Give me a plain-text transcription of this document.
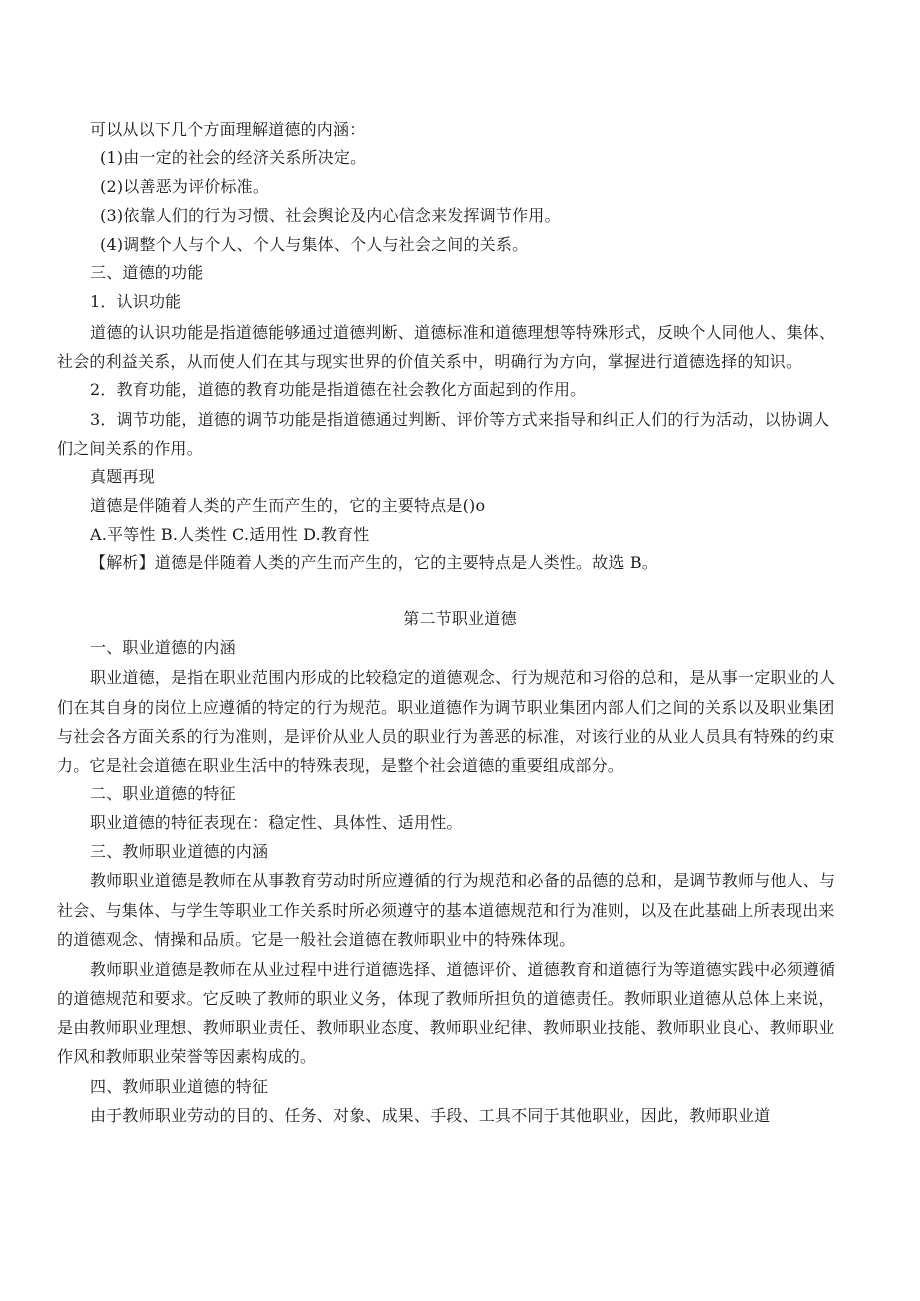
可以从以下几个方面理解道德的内涵：
(1)由一定的社会的经济关系所决定。
(2)以善恶为评价标准。
(3)依靠人们的行为习惯、社会舆论及内心信念来发挥调节作用。
(4)调整个人与个人、个人与集体、个人与社会之间的关系。
三、道德的功能
1．认识功能
道德的认识功能是指道德能够通过道德判断、道德标准和道德理想等特殊形式，反映个人同他人、集体、
社会的利益关系，从而使人们在其与现实世界的价值关系中，明确行为方向，掌握进行道德选择的知识。
2．教育功能，道德的教育功能是指道德在社会教化方面起到的作用。
3．调节功能，道德的调节功能是指道德通过判断、评价等方式来指导和纠正人们的行为活动，以协调人
们之间关系的作用。
真题再现
道德是伴随着人类的产生而产生的，它的主要特点是()o
A.平等性 B.人类性 C.适用性 D.教育性
【解析】道德是伴随着人类的产生而产生的，它的主要特点是人类性。故选 B。
第二节职业道德
一、职业道德的内涵
职业道德，是指在职业范围内形成的比较稳定的道德观念、行为规范和习俗的总和，是从事一定职业的人
们在其自身的岗位上应遵循的特定的行为规范。职业道德作为调节职业集团内部人们之间的关系以及职业集团
与社会各方面关系的行为准则，是评价从业人员的职业行为善恶的标准，对该行业的从业人员具有特殊的约束
力。它是社会道德在职业生活中的特殊表现，是整个社会道德的重要组成部分。
二、职业道德的特征
职业道德的特征表现在：稳定性、具体性、适用性。
三、教师职业道德的内涵
教师职业道德是教师在从事教育劳动时所应遵循的行为规范和必备的品德的总和，是调节教师与他人、与
社会、与集体、与学生等职业工作关系时所必须遵守的基本道德规范和行为准则，以及在此基础上所表现出来
的道德观念、情操和品质。它是一般社会道德在教师职业中的特殊体现。
教师职业道德是教师在从业过程中进行道德选择、道德评价、道德教育和道德行为等道德实践中必须遵循
的道德规范和要求。它反映了教师的职业义务，体现了教师所担负的道德责任。教师职业道德从总体上来说，
是由教师职业理想、教师职业责任、教师职业态度、教师职业纪律、教师职业技能、教师职业良心、教师职业
作风和教师职业荣誉等因素构成的。
四、教师职业道德的特征
由于教师职业劳动的目的、任务、对象、成果、手段、工具不同于其他职业，因此，教师职业道
